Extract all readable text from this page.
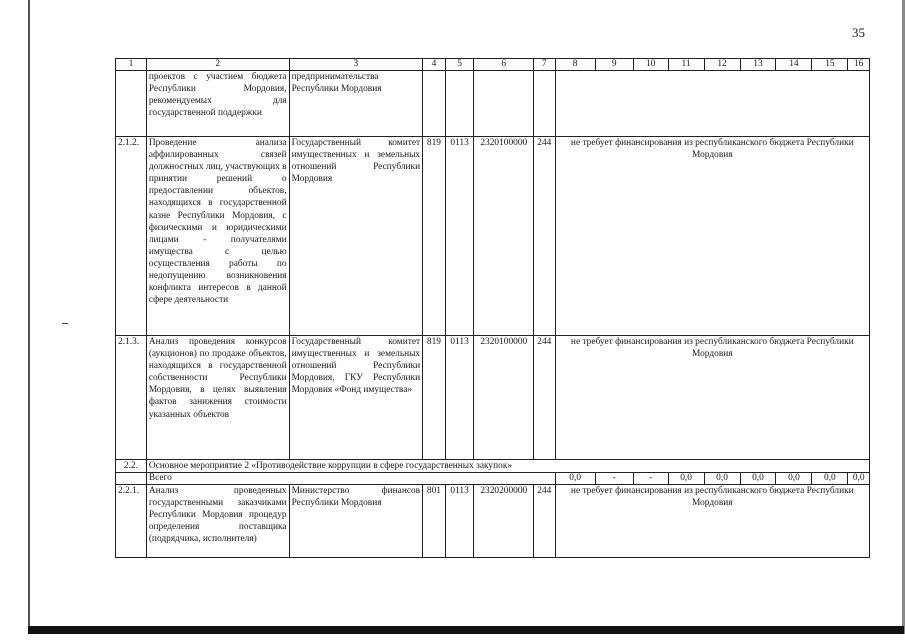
35
1	2	3	4	5	6	7	8	9	10	11	12	13	14	15	16
	проектов с участием бюджета Республики Мордовия, рекомендуемых для государственной поддержки	предпринимательства Республики Мордовия													
2.1.2.	Проведение анализа аффилированных связей должностных лиц, участвующих в принятии решений о предоставлении объектов, находящихся в государственной казне Республики Мордовия, с физическими и юридическими лицами - получателями имущества с целью осуществления работы по недопущению возникновения конфликта интересов в данной сфере деятельности	Государственный комитет имущественных и земельных отношений Республики Мордовия	819	0113	2320100000	244	не требует финансирования из республиканского бюджета Республики Мордовия								
2.1.3.	Анализ проведения конкурсов (аукционов) по продаже объектов, находящихся в государственной собственности Республики Мордовия, в целях выявления фактов занижения стоимости указанных объектов	Государственный комитет имущественных и земельных отношений Республики Мордовия, ГКУ Республики Мордовия «Фонд имущества»	819	0113	2320100000	244	не требует финансирования из республиканского бюджета Республики Мордовия								
2.2.	Основное мероприятие 2 «Противодействие коррупции в сфере государственных закупок»														
	Всего						0,0	-	-	0,0	0,0	0,0	0,0	0,0	0,0
2.2.1.	Анализ проведенных государственными заказчиками Республики Мордовия процедур определения поставщика (подрядчика, исполнителя)	Министерство финансов Республики Мордовия	801	0113	2320200000	244	не требует финансирования из республиканского бюджета Республики Мордовия								
